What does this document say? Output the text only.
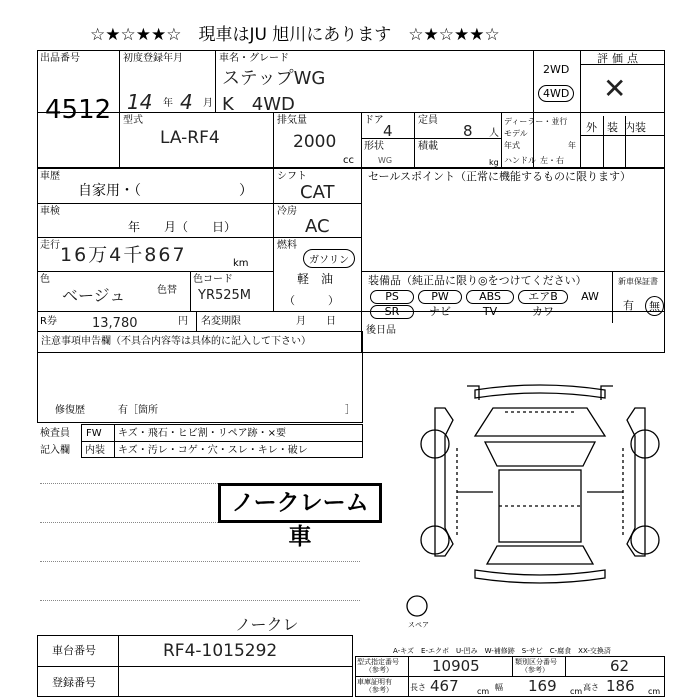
☆★☆★★☆　現車はJU 旭川にあります　☆★☆★★☆
出品番号
4512
初度登録年月
14 年 4 月
車名・グレード
ステップWG
K　4WD
2WD
4WD
評価点
✕
外 内装
装
型式
LA-RF4
排気量
2000
cc
ドア
4
形状
WG
定員
8 人
積載
kg
ディーラー・並行
モデル
年式	年
ハンドル 左・右
車歴
自家用・（　　　　　　　）
車検
年　　月（　　日）
走行 16万4千867	km
色
ベージュ	色替
色コード
YR525M
シフト
CAT
冷房
AC
燃料
ガソリン
軽　油
（　　　）
セールスポイント（正常に機能するものに限ります）
装備品（純正品に限り◎をつけてください）
PS	PW	ABS	エアB	AW
SR	ナビ	TV	カワ
新車保証書
有	無
R券	13,780	円 名変期限	月　　日
後日品
注意事項申告欄（不具合内容等は具体的に記入して下さい）
修復歴	有［箇所	］
検査員
記入欄
FW キズ・飛石・ヒビ割・リペア跡・×要
内装 キズ・汚レ・コゲ・穴・スレ・キレ・破レ
ノークレーム車
ノークレ	スペア
A-キズ　E-エクボ　U-凹み　W-補修跡　S-サビ　C-腐食　XX-交換済
車台番号	RF4-1015292
登録番号
型式指定番号
（参考）	10905	類別区分番号
（参考）	62
車庫証明有
（参考） 長さ 467 cm 幅 169 cm 高さ 186 cm
